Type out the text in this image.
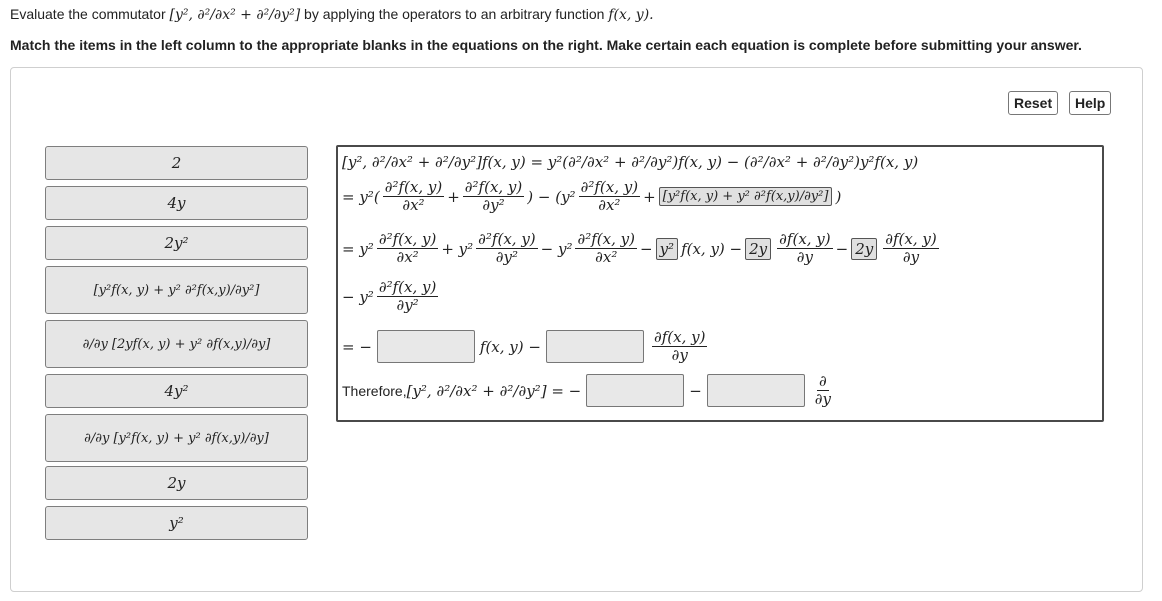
Evaluate the commutator [y², ∂²/∂x² + ∂²/∂y²] by applying the operators to an arbitrary function f(x, y).
Match the items in the left column to the appropriate blanks in the equations on the right. Make certain each equation is complete before submitting your answer.
Reset	Help
2
4y
2y²
[y²f(x, y) + y² ∂²f(x,y)/∂y²]
∂/∂y [2yf(x, y) + y² ∂f(x,y)/∂y]
4y²
∂/∂y [y²f(x, y) + y² ∂f(x,y)/∂y]
2y
y²
[y², ∂²/∂x² + ∂²/∂y²]f(x, y) = y²(∂²/∂x² + ∂²/∂y²)f(x, y) − (∂²/∂x² + ∂²/∂y²)y²f(x, y)
= $y^2( \frac{\text{∂²f(x, y)}}{\text{∂x²}} + \frac{\text{∂²f(x, y)}}{\text{∂y²}}$ ) − ($y^2 \frac{\text{∂²f(x, y)}}{\text{∂x²}} + [y^2f(x$, y) + y² ∂²f(x,y)/∂y²] )
= $y^2 \frac{\text{∂²f(x, y)}}{\text{∂x²}} + y^2 \frac{\text{∂²f(x, y)}}{\text{∂y²}} - y^2 \frac{\text{∂²f(x, y)}}{\text{∂x²}} - y^2$ f(x, $y) - 2y \frac{\partial f(x, y)}{\partial y} - 2y \frac{\partial f(x, y)}{\partial y}$
− $y^2 \frac{\text{∂²f(x, y)}}{\text{∂y²}}$
= −	f(x, y) −	$\frac{\partial f(x, y)}{\partial y}$
Therefore, [y², ∂²/∂x² + ∂²/∂y²] = −	−	$\frac{\partial}{\partial y}$
